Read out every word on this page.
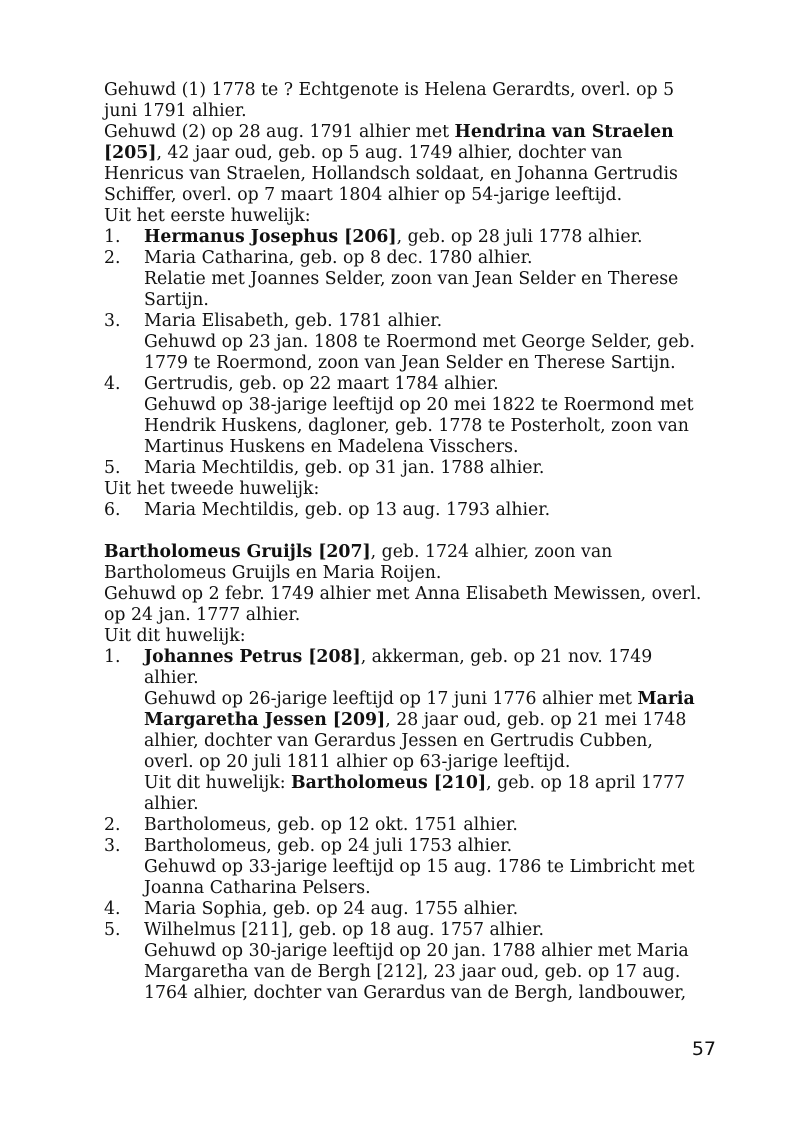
Gehuwd (1) 1778 te ? Echtgenote is Helena Gerardts, overl. op 5 juni 1791 alhier.

Gehuwd (2) op 28 aug. 1791 alhier met Hendrina van Straelen [205], 42 jaar oud, geb. op 5 aug. 1749 alhier, dochter van Henricus van Straelen, Hollandsch soldaat, en Johanna Gertrudis Schiffer, overl. op 7 maart 1804 alhier op 54-jarige leeftijd.

Uit het eerste huwelijk:

1.	Hermanus Josephus [206], geb. op 28 juli 1778 alhier.
2.	Maria Catharina, geb. op 8 dec. 1780 alhier.
Relatie met Joannes Selder, zoon van Jean Selder en Therese Sartijn.
3.	Maria Elisabeth, geb. 1781 alhier.
Gehuwd op 23 jan. 1808 te Roermond met George Selder, geb. 1779 te Roermond, zoon van Jean Selder en Therese Sartijn.
4.	Gertrudis, geb. op 22 maart 1784 alhier.
Gehuwd op 38-jarige leeftijd op 20 mei 1822 te Roermond met Hendrik Huskens, dagloner, geb. 1778 te Posterholt, zoon van Martinus Huskens en Madelena Visschers.
5.	Maria Mechtildis, geb. op 31 jan. 1788 alhier.

Uit het tweede huwelijk:

6.	Maria Mechtildis, geb. op 13 aug. 1793 alhier.

Bartholomeus Gruijls [207], geb. 1724 alhier, zoon van Bartholomeus Gruijls en Maria Roijen.

Gehuwd op 2 febr. 1749 alhier met Anna Elisabeth Mewissen, overl. op 24 jan. 1777 alhier.

Uit dit huwelijk:

1.	Johannes Petrus [208], akkerman, geb. op 21 nov. 1749 alhier.
Gehuwd op 26-jarige leeftijd op 17 juni 1776 alhier met Maria Margaretha Jessen [209], 28 jaar oud, geb. op 21 mei 1748 alhier, dochter van Gerardus Jessen en Gertrudis Cubben, overl. op 20 juli 1811 alhier op 63-jarige leeftijd.
Uit dit huwelijk: Bartholomeus [210], geb. op 18 april 1777 alhier.
2.	Bartholomeus, geb. op 12 okt. 1751 alhier.
3.	Bartholomeus, geb. op 24 juli 1753 alhier.
Gehuwd op 33-jarige leeftijd op 15 aug. 1786 te Limbricht met Joanna Catharina Pelsers.
4.	Maria Sophia, geb. op 24 aug. 1755 alhier.
5.	Wilhelmus [211], geb. op 18 aug. 1757 alhier.
Gehuwd op 30-jarige leeftijd op 20 jan. 1788 alhier met Maria Margaretha van de Bergh [212], 23 jaar oud, geb. op 17 aug. 1764 alhier, dochter van Gerardus van de Bergh, landbouwer,
57
